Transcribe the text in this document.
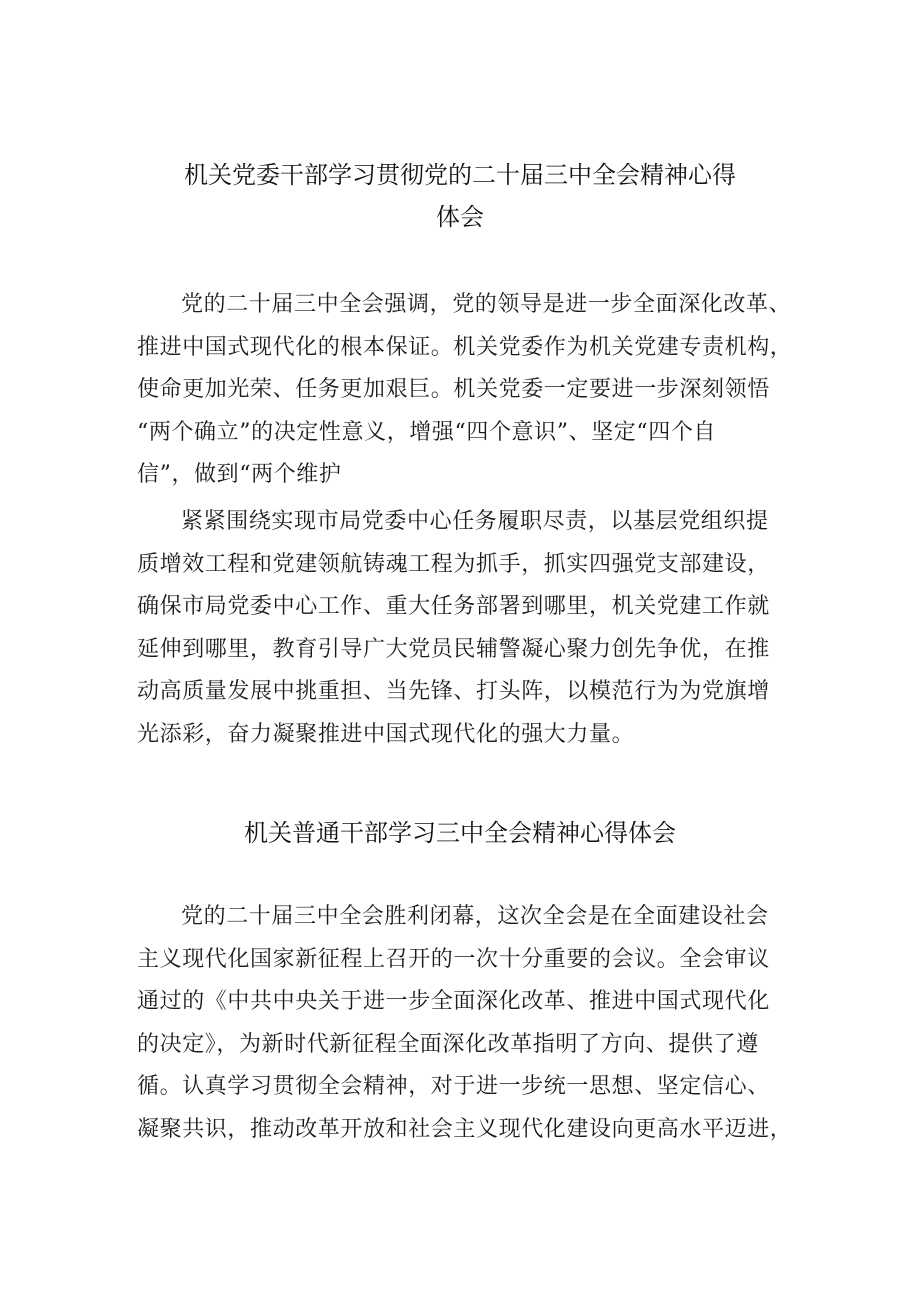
机关党委干部学习贯彻党的二十届三中全会精神心得
体会

党的二十届三中全会强调，党的领导是进一步全面深化改革、
推进中国式现代化的根本保证。机关党委作为机关党建专责机构，
使命更加光荣、任务更加艰巨。机关党委一定要进一步深刻领悟
“两个确立”的决定性意义，增强“四个意识”、坚定“四个自
信”，做到“两个维护

紧紧围绕实现市局党委中心任务履职尽责，以基层党组织提
质增效工程和党建领航铸魂工程为抓手，抓实四强党支部建设，
确保市局党委中心工作、重大任务部署到哪里，机关党建工作就
延伸到哪里，教育引导广大党员民辅警凝心聚力创先争优，在推
动高质量发展中挑重担、当先锋、打头阵，以模范行为为党旗增
光添彩，奋力凝聚推进中国式现代化的强大力量。

机关普通干部学习三中全会精神心得体会

党的二十届三中全会胜利闭幕，这次全会是在全面建设社会
主义现代化国家新征程上召开的一次十分重要的会议。全会审议
通过的《中共中央关于进一步全面深化改革、推进中国式现代化
的决定》，为新时代新征程全面深化改革指明了方向、提供了遵
循。认真学习贯彻全会精神，对于进一步统一思想、坚定信心、
凝聚共识，推动改革开放和社会主义现代化建设向更高水平迈进，
